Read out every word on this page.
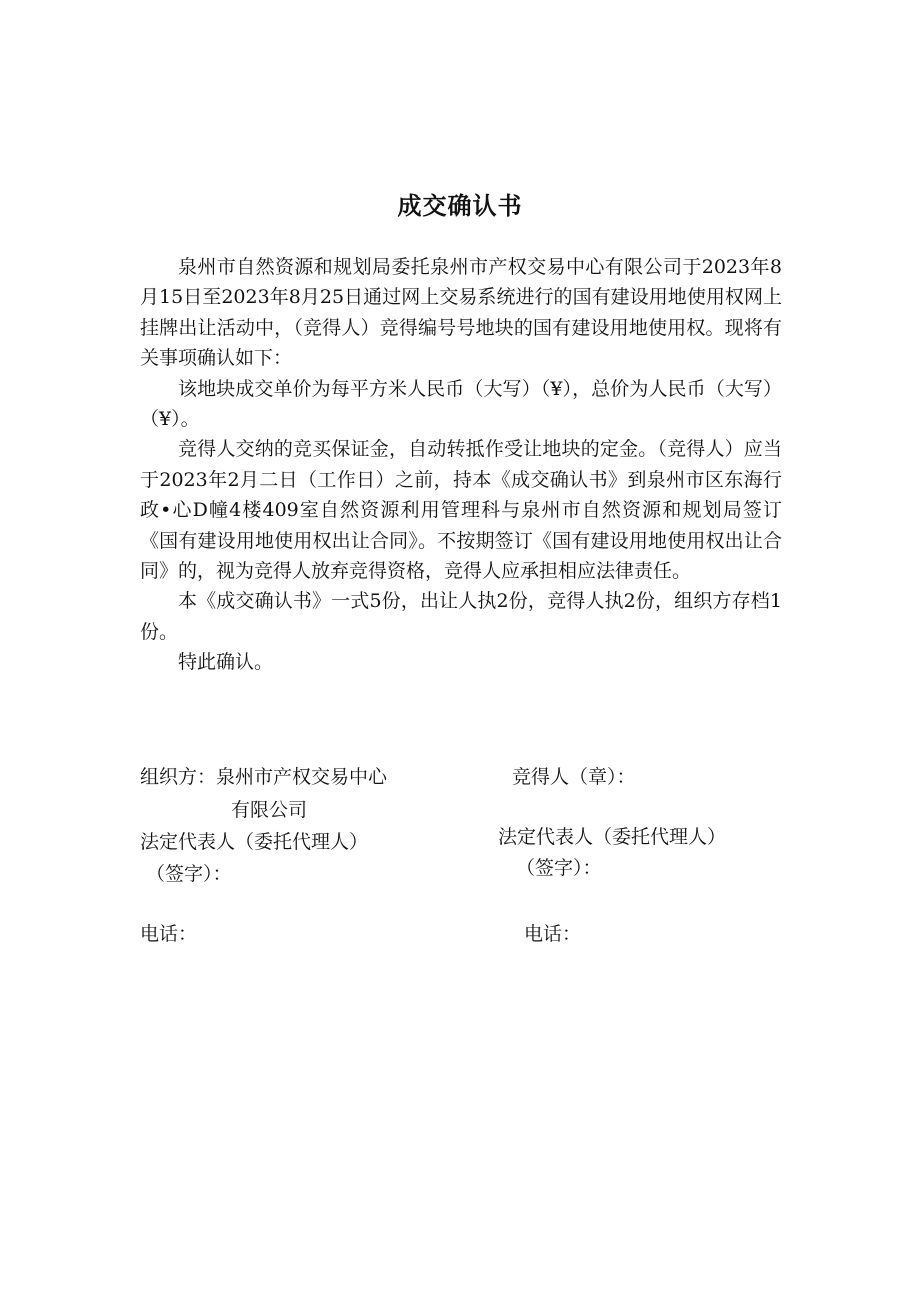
成交确认书

泉州市自然资源和规划局委托泉州市产权交易中心有限公司于2023年8月15日至2023年8月25日通过网上交易系统进行的国有建设用地使用权网上挂牌出让活动中，（竞得人）竞得编号号地块的国有建设用地使用权。现将有关事项确认如下：

该地块成交单价为每平方米人民币（大写）（¥），总价为人民币（大写）（¥）。

竞得人交纳的竞买保证金，自动转抵作受让地块的定金。（竞得人）应当于2023年2月二日（工作日）之前，持本《成交确认书》到泉州市区东海行政•心D幢4楼409室自然资源利用管理科与泉州市自然资源和规划局签订《国有建设用地使用权出让合同》。不按期签订《国有建设用地使用权出让合同》的，视为竞得人放弃竞得资格，竞得人应承担相应法律责任。

本《成交确认书》一式5份，出让人执2份，竞得人执2份，组织方存档1份。

特此确认。

组织方：泉州市产权交易中心
有限公司
法定代表人（委托代理人）
（签字）：
电话：
竞得人（章）：
法定代表人（委托代理人）
（签字）：
电话：
